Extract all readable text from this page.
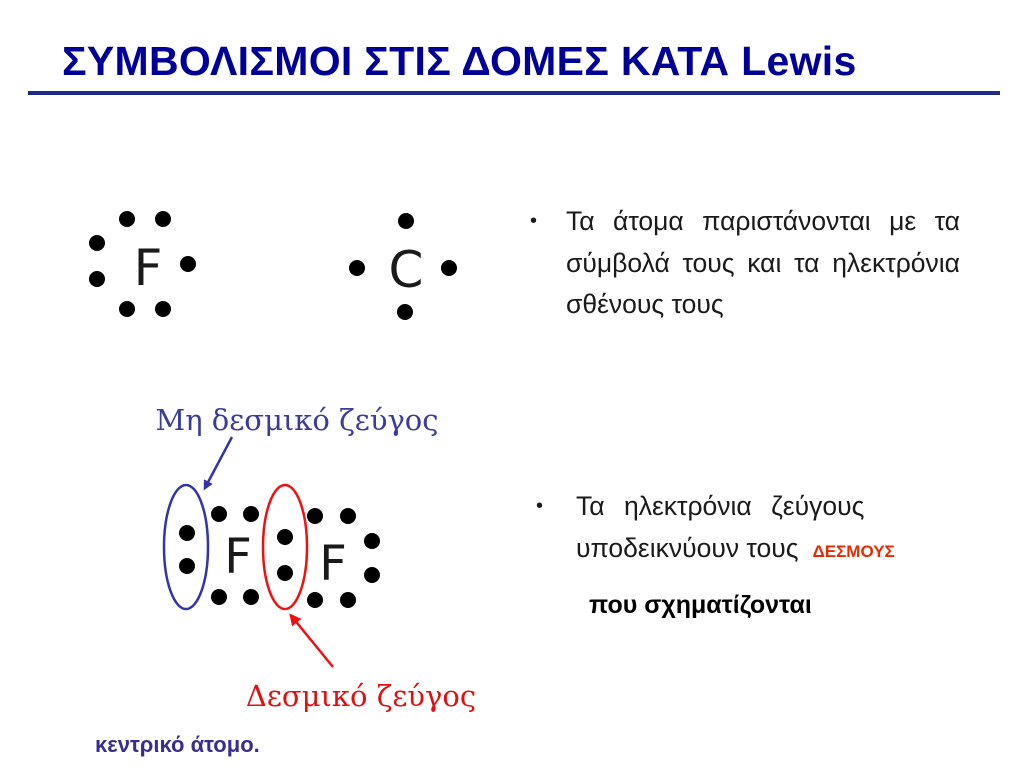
ΣΥΜΒΟΛΙΣΜΟΙ ΣΤΙΣ ΔΟΜΕΣ ΚΑΤΑ Lewis
F	C
Μη δεσμικό ζεύγος
F F
Δεσμικό ζεύγος
• Τα άτομα παριστάνονται με τα σύμβολά τους και τα ηλεκτρόνια σθένους τους
• Τα ηλεκτρόνια ζεύγους
υποδεικνύουν τους ΔΕΣΜΟΥΣ
που σχηματίζονται
κεντρικό άτομο.
